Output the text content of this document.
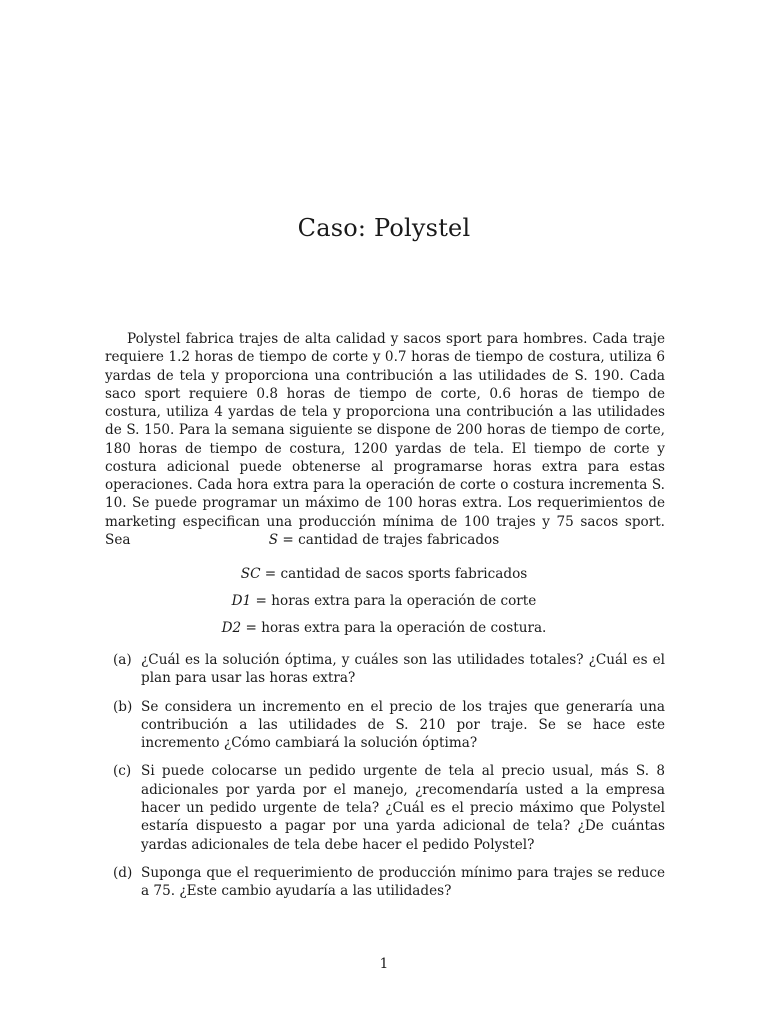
Caso: Polystel

Polystel fabrica trajes de alta calidad y sacos sport para hombres. Cada traje requiere 1.2 horas de tiempo de corte y 0.7 horas de tiempo de costura, utiliza 6 yardas de tela y proporciona una contribución a las utilidades de S. 190. Cada saco sport requiere 0.8 horas de tiempo de corte, 0.6 horas de tiempo de costura, utiliza 4 yardas de tela y proporciona una contribución a las utilidades de S. 150. Para la semana siguiente se dispone de 200 horas de tiempo de corte, 180 horas de tiempo de costura, 1200 yardas de tela. El tiempo de corte y costura adicional puede obtenerse al programarse horas extra para estas operaciones. Cada hora extra para la operación de corte o costura incrementa S. 10. Se puede programar un máximo de 100 horas extra. Los requerimientos de marketing especifican una producción mínima de 100 trajes y 75 sacos sport. Sea	S = cantidad de trajes fabricados
SC = cantidad de sacos sports fabricados
D1 = horas extra para la operación de corte
D2 = horas extra para la operación de costura.
(a) ¿Cuál es la solución óptima, y cuáles son las utilidades totales? ¿Cuál es el plan para usar las horas extra?
(b) Se considera un incremento en el precio de los trajes que generaría una contribución a las utilidades de S. 210 por traje. Se se hace este incremento ¿Cómo cambiará la solución óptima?
(c) Si puede colocarse un pedido urgente de tela al precio usual, más S. 8 adicionales por yarda por el manejo, ¿recomendaría usted a la empresa hacer un pedido urgente de tela? ¿Cuál es el precio máximo que Polystel estaría dispuesto a pagar por una yarda adicional de tela? ¿De cuántas yardas adicionales de tela debe hacer el pedido Polystel?
(d) Suponga que el requerimiento de producción mínimo para trajes se reduce a 75. ¿Este cambio ayudaría a las utilidades?
1
